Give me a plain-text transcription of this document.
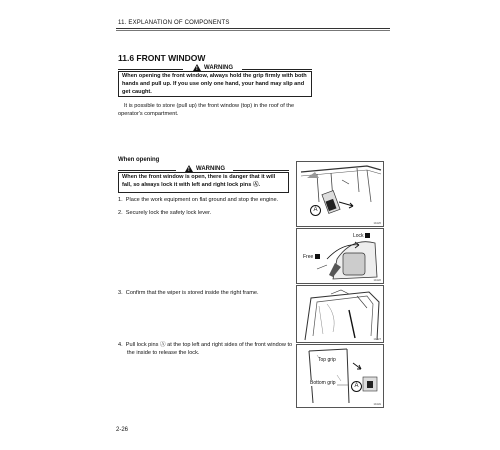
11. EXPLANATION OF COMPONENTS
11.6 FRONT WINDOW
!
WARNING
When opening the front window, always hold the grip firmly with both hands and pull up. If you use only one hand, your hand may slip and get caught.
It is possible to store (pull up) the front window (top) in the roof of the operator's compartment.
When opening
!
WARNING
When the front window is open, there is danger that it will fall, so always lock it with left and right lock pins Ⓐ.
1. Place the work equipment on flat ground and stop the engine.
2. Securely lock the safety lock lever.
3. Confirm that the wiper is stored inside the right frame.
4. Pull lock pins Ⓐ at the top left and right sides of the front window to the inside to release the lock.
A
11085
Lock
Free
11086
11087
Top grip
Bottom grip	A
11088
2-26
